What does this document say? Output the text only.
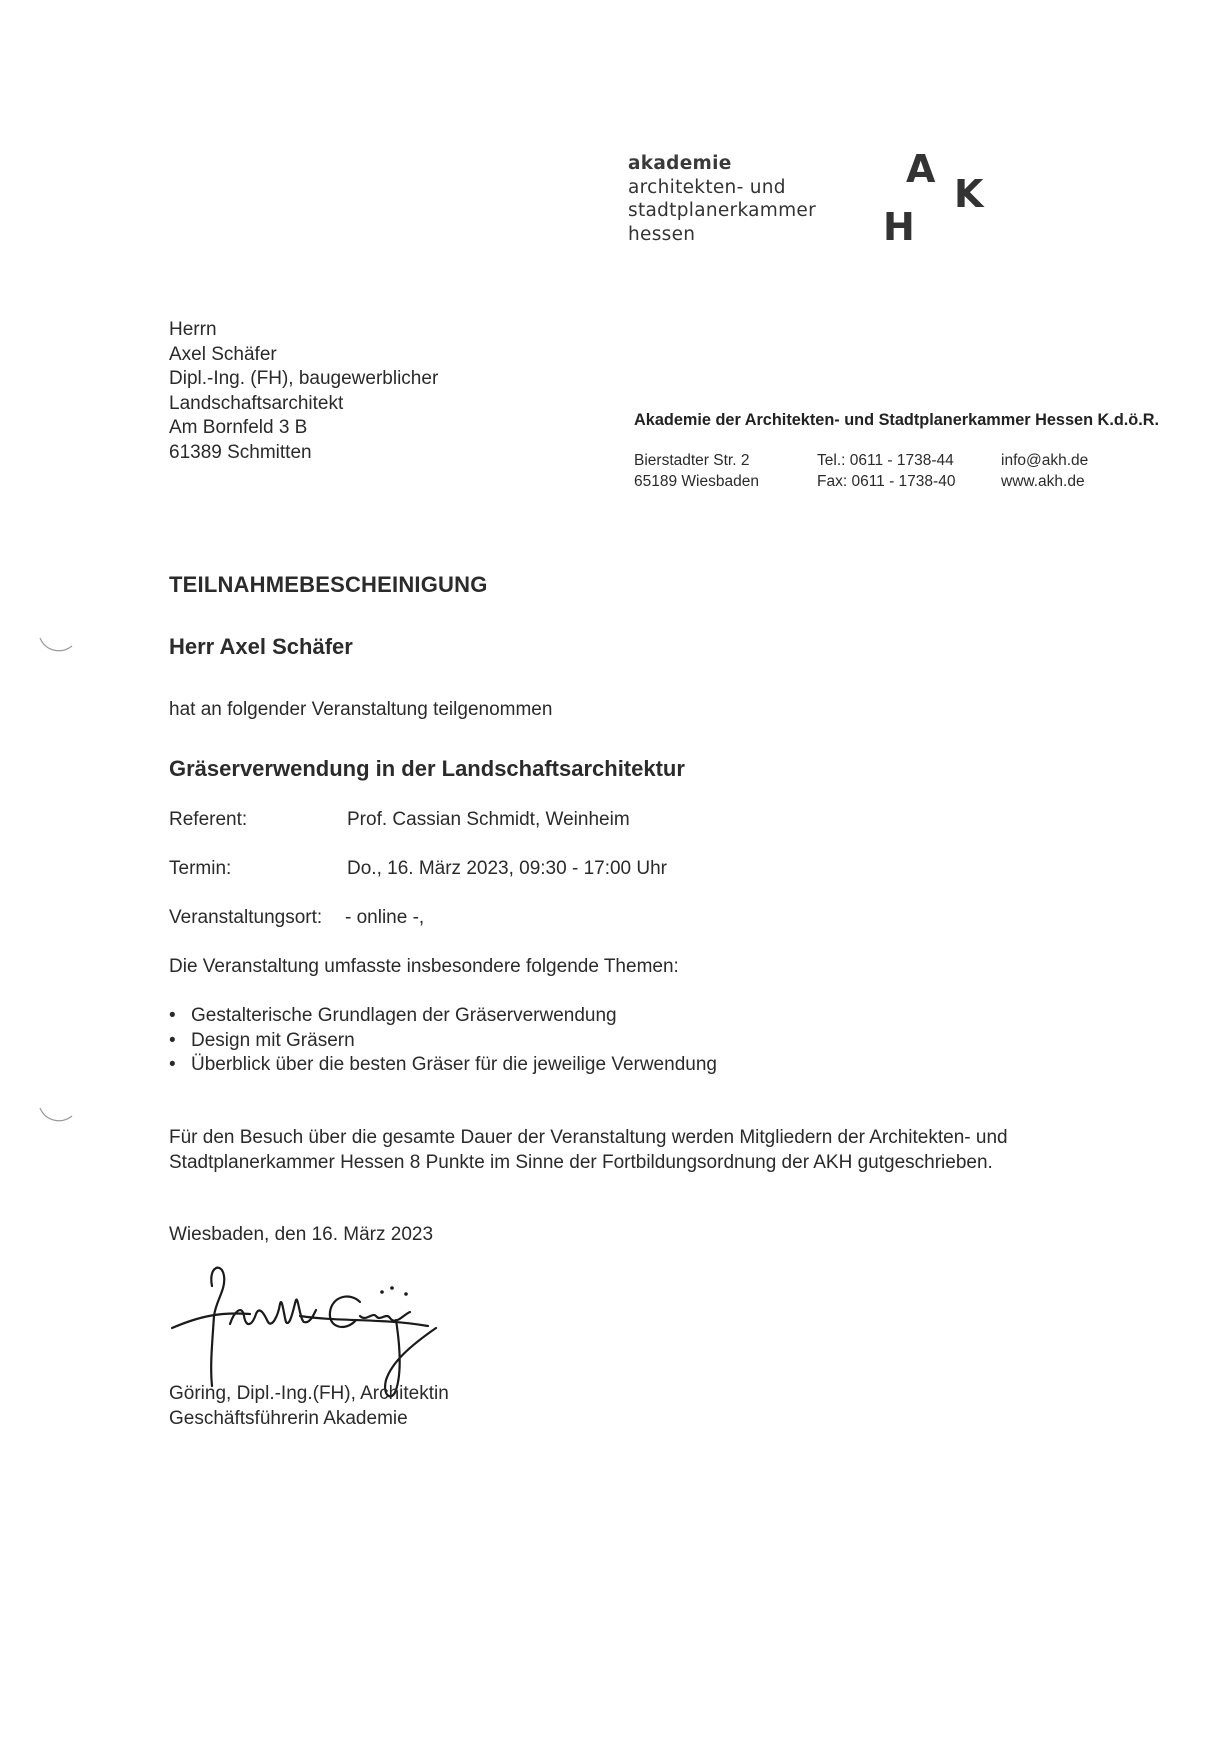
akademie
architekten- und
stadtplanerkammer
hessen
A
K
H
Herrn
Axel Schäfer
Dipl.-Ing. (FH), baugewerblicher
Landschaftsarchitekt
Am Bornfeld 3 B
61389 Schmitten
Akademie der Architekten- und Stadtplanerkammer Hessen K.d.ö.R.
Bierstadter Str. 2
65189 Wiesbaden
Tel.: 0611 - 1738-44
Fax: 0611 - 1738-40
info@akh.de
www.akh.de
TEILNAHMEBESCHEINIGUNG
Herr Axel Schäfer
hat an folgender Veranstaltung teilgenommen
Gräserverwendung in der Landschaftsarchitektur
Referent:	Prof. Cassian Schmidt, Weinheim
Termin:	Do., 16. März 2023, 09:30 - 17:00 Uhr
Veranstaltungsort: - online -,
Die Veranstaltung umfasste insbesondere folgende Themen:
• Gestalterische Grundlagen der Gräserverwendung
• Design mit Gräsern
• Überblick über die besten Gräser für die jeweilige Verwendung
Für den Besuch über die gesamte Dauer der Veranstaltung werden Mitgliedern der Architekten- und
Stadtplanerkammer Hessen 8 Punkte im Sinne der Fortbildungsordnung der AKH gutgeschrieben.
Wiesbaden, den 16. März 2023
Göring, Dipl.-Ing.(FH), Architektin
Geschäftsführerin Akademie
